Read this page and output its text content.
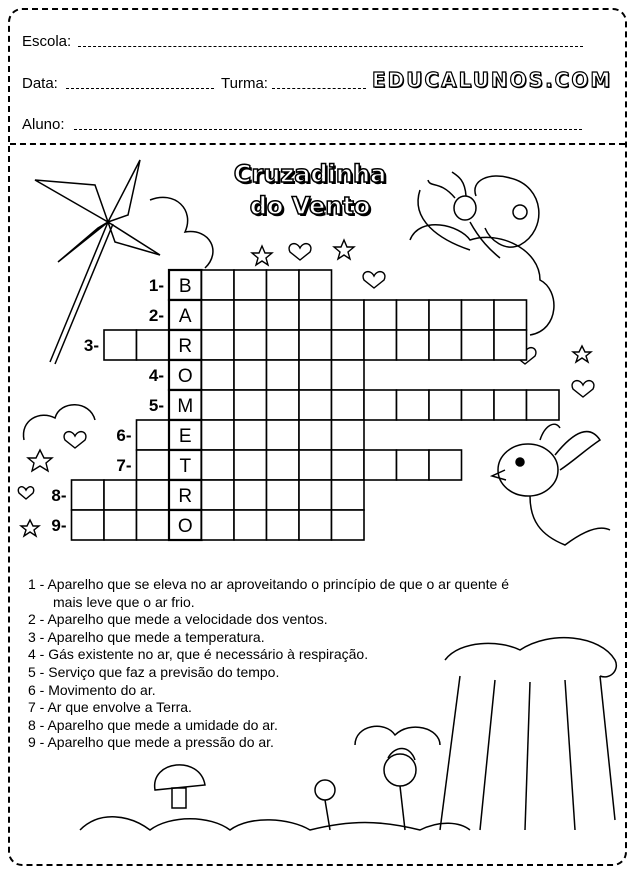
Escola:
Data:	Turma:	EDUCALUNOS.COM
Aluno:
Cruzadinha
do Vento
B
1-
A
2-
R
3-
O
4-
M
5-
E
6-
T
7-
R
8-
O
9-
1 - Aparelho que se eleva no ar aproveitando o princípio de que o ar quente é
mais leve que o ar frio.
2 - Aparelho que mede a velocidade dos ventos.
3 - Aparelho que mede a temperatura.
4 - Gás existente no ar, que é necessário à respiração.
5 - Serviço que faz a previsão do tempo.
6 - Movimento do ar.
7 - Ar que envolve a Terra.
8 - Aparelho que mede a umidade do ar.
9 - Aparelho que mede a pressão do ar.
